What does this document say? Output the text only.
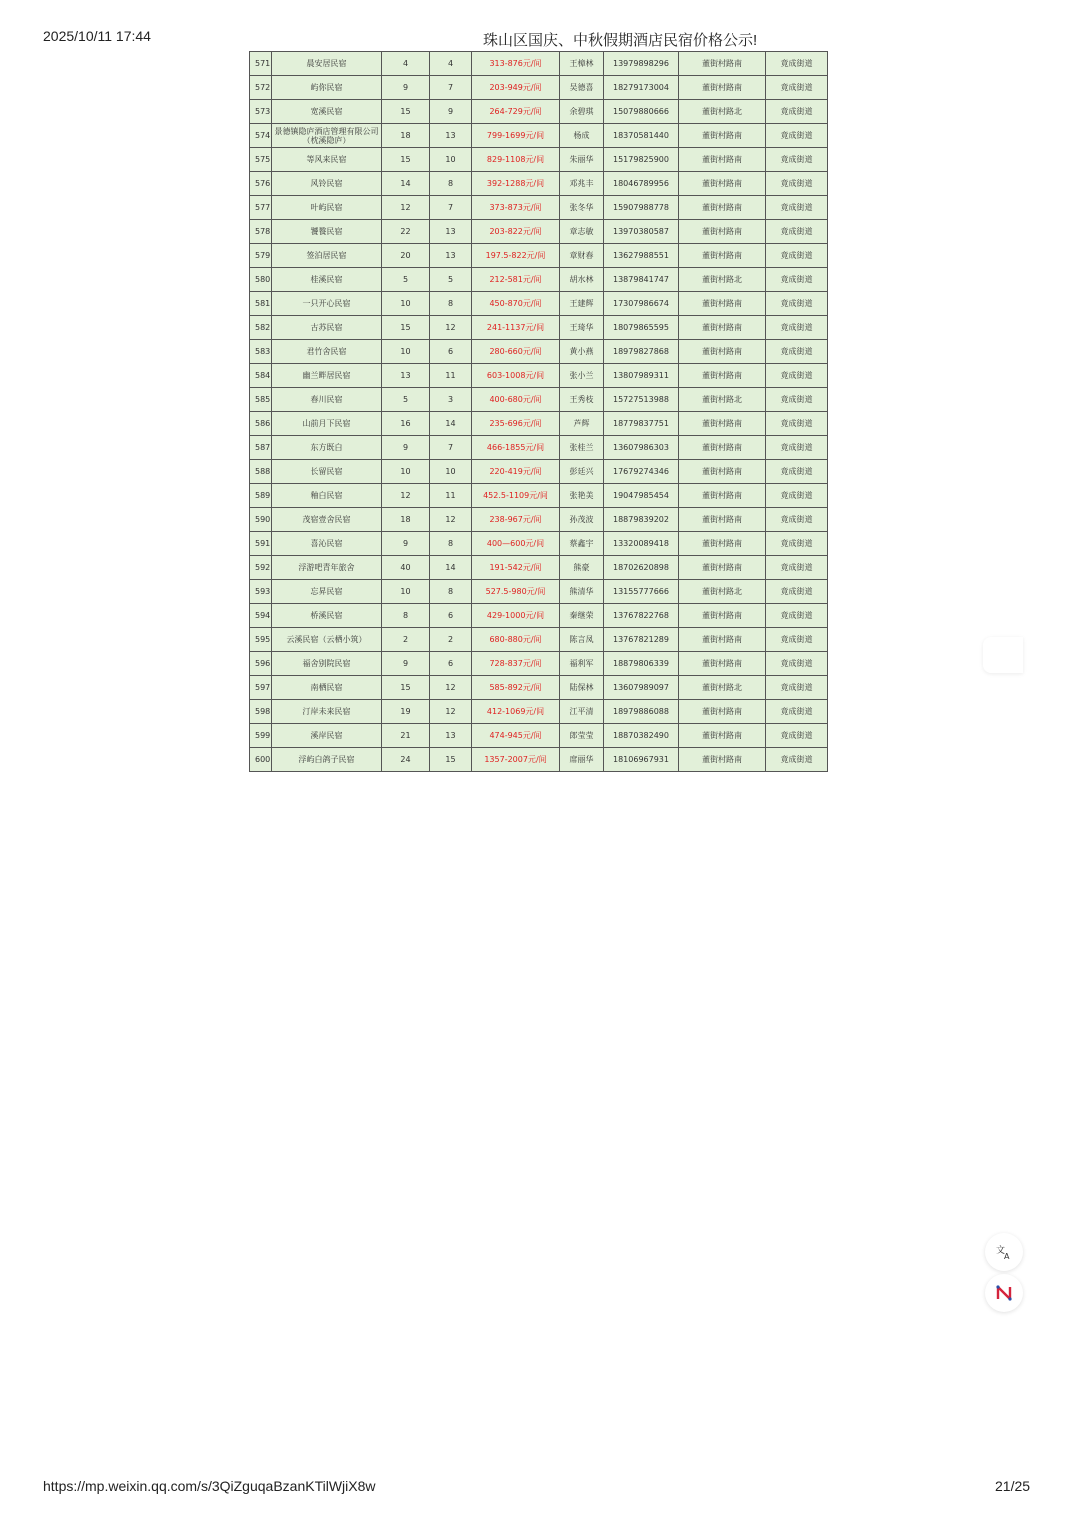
2025/10/11 17:44	珠山区国庆、中秋假期酒店民宿价格公示!
571	晨安居民宿	4	4	313-876元/间	王樟林	13979898296	董街村路南	竟成街道
572	屿你民宿	9	7	203-949元/间	吴德喜	18279173004	董街村路南	竟成街道
573	宽溪民宿	15	9	264-729元/间	余碧琪	15079880666	董街村路北	竟成街道
574	景德镇隐庐酒店管理有限公司（枕溪隐庐）	18	13	799-1699元/间	杨成	18370581440	董街村路南	竟成街道
575	等风来民宿	15	10	829-1108元/间	朱丽华	15179825900	董街村路南	竟成街道
576	风铃民宿	14	8	392-1288元/间	邓兆丰	18046789956	董街村路南	竟成街道
577	叶屿民宿	12	7	373-873元/间	张冬华	15907988778	董街村路南	竟成街道
578	饕餮民宿	22	13	203-822元/间	章志敏	13970380587	董街村路南	竟成街道
579	签泊居民宿	20	13	197.5-822元/间	章财春	13627988551	董街村路南	竟成街道
580	桂溪民宿	5	5	212-581元/间	胡水林	13879841747	董街村路北	竟成街道
581	一只开心民宿	10	8	450-870元/间	王建辉	17307986674	董街村路南	竟成街道
582	古苏民宿	15	12	241-1137元/间	王琦华	18079865595	董街村路南	竟成街道
583	君竹舍民宿	10	6	280-660元/间	黄小燕	18979827868	董街村路南	竟成街道
584	幽兰畔居民宿	13	11	603-1008元/间	张小兰	13807989311	董街村路南	竟成街道
585	春川民宿	5	3	400-680元/间	王秀枝	15727513988	董街村路北	竟成街道
586	山前月下民宿	16	14	235-696元/间	芦辉	18779837751	董街村路南	竟成街道
587	东方既白	9	7	466-1855元/间	张桂兰	13607986303	董街村路南	竟成街道
588	长留民宿	10	10	220-419元/间	彭廷兴	17679274346	董街村路南	竟成街道
589	釉白民宿	12	11	452.5-1109元/间	张艳美	19047985454	董街村路南	竟成街道
590	茂宿壹舍民宿	18	12	238-967元/间	孙茂波	18879839202	董街村路南	竟成街道
591	喜沁民宿	9	8	400—600元/间	蔡鑫宇	13320089418	董街村路南	竟成街道
592	浮游吧青年旅舍	40	14	191-542元/间	熊豪	18702620898	董街村路南	竟成街道
593	忘昇民宿	10	8	527.5-980元/间	熊清华	13155777666	董街村路北	竟成街道
594	桥溪民宿	8	6	429-1000元/间	秦继荣	13767822768	董街村路南	竟成街道
595	云溪民宿（云栖小筑）	2	2	680-880元/间	陈言凤	13767821289	董街村路南	竟成街道
596	福舍别院民宿	9	6	728-837元/间	福利军	18879806339	董街村路南	竟成街道
597	南栖民宿	15	12	585-892元/间	陆保林	13607989097	董街村路北	竟成街道
598	汀岸未来民宿	19	12	412-1069元/间	江平清	18979886088	董街村路南	竟成街道
599	溪岸民宿	21	13	474-945元/间	郎莹莹	18870382490	董街村路南	竟成街道
600	浮屿白鸽子民宿	24	15	1357-2007元/间	席丽华	18106967931	董街村路南	竟成街道
文
A
https://mp.weixin.qq.com/s/3QiZguqaBzanKTilWjiX8w	21/25
